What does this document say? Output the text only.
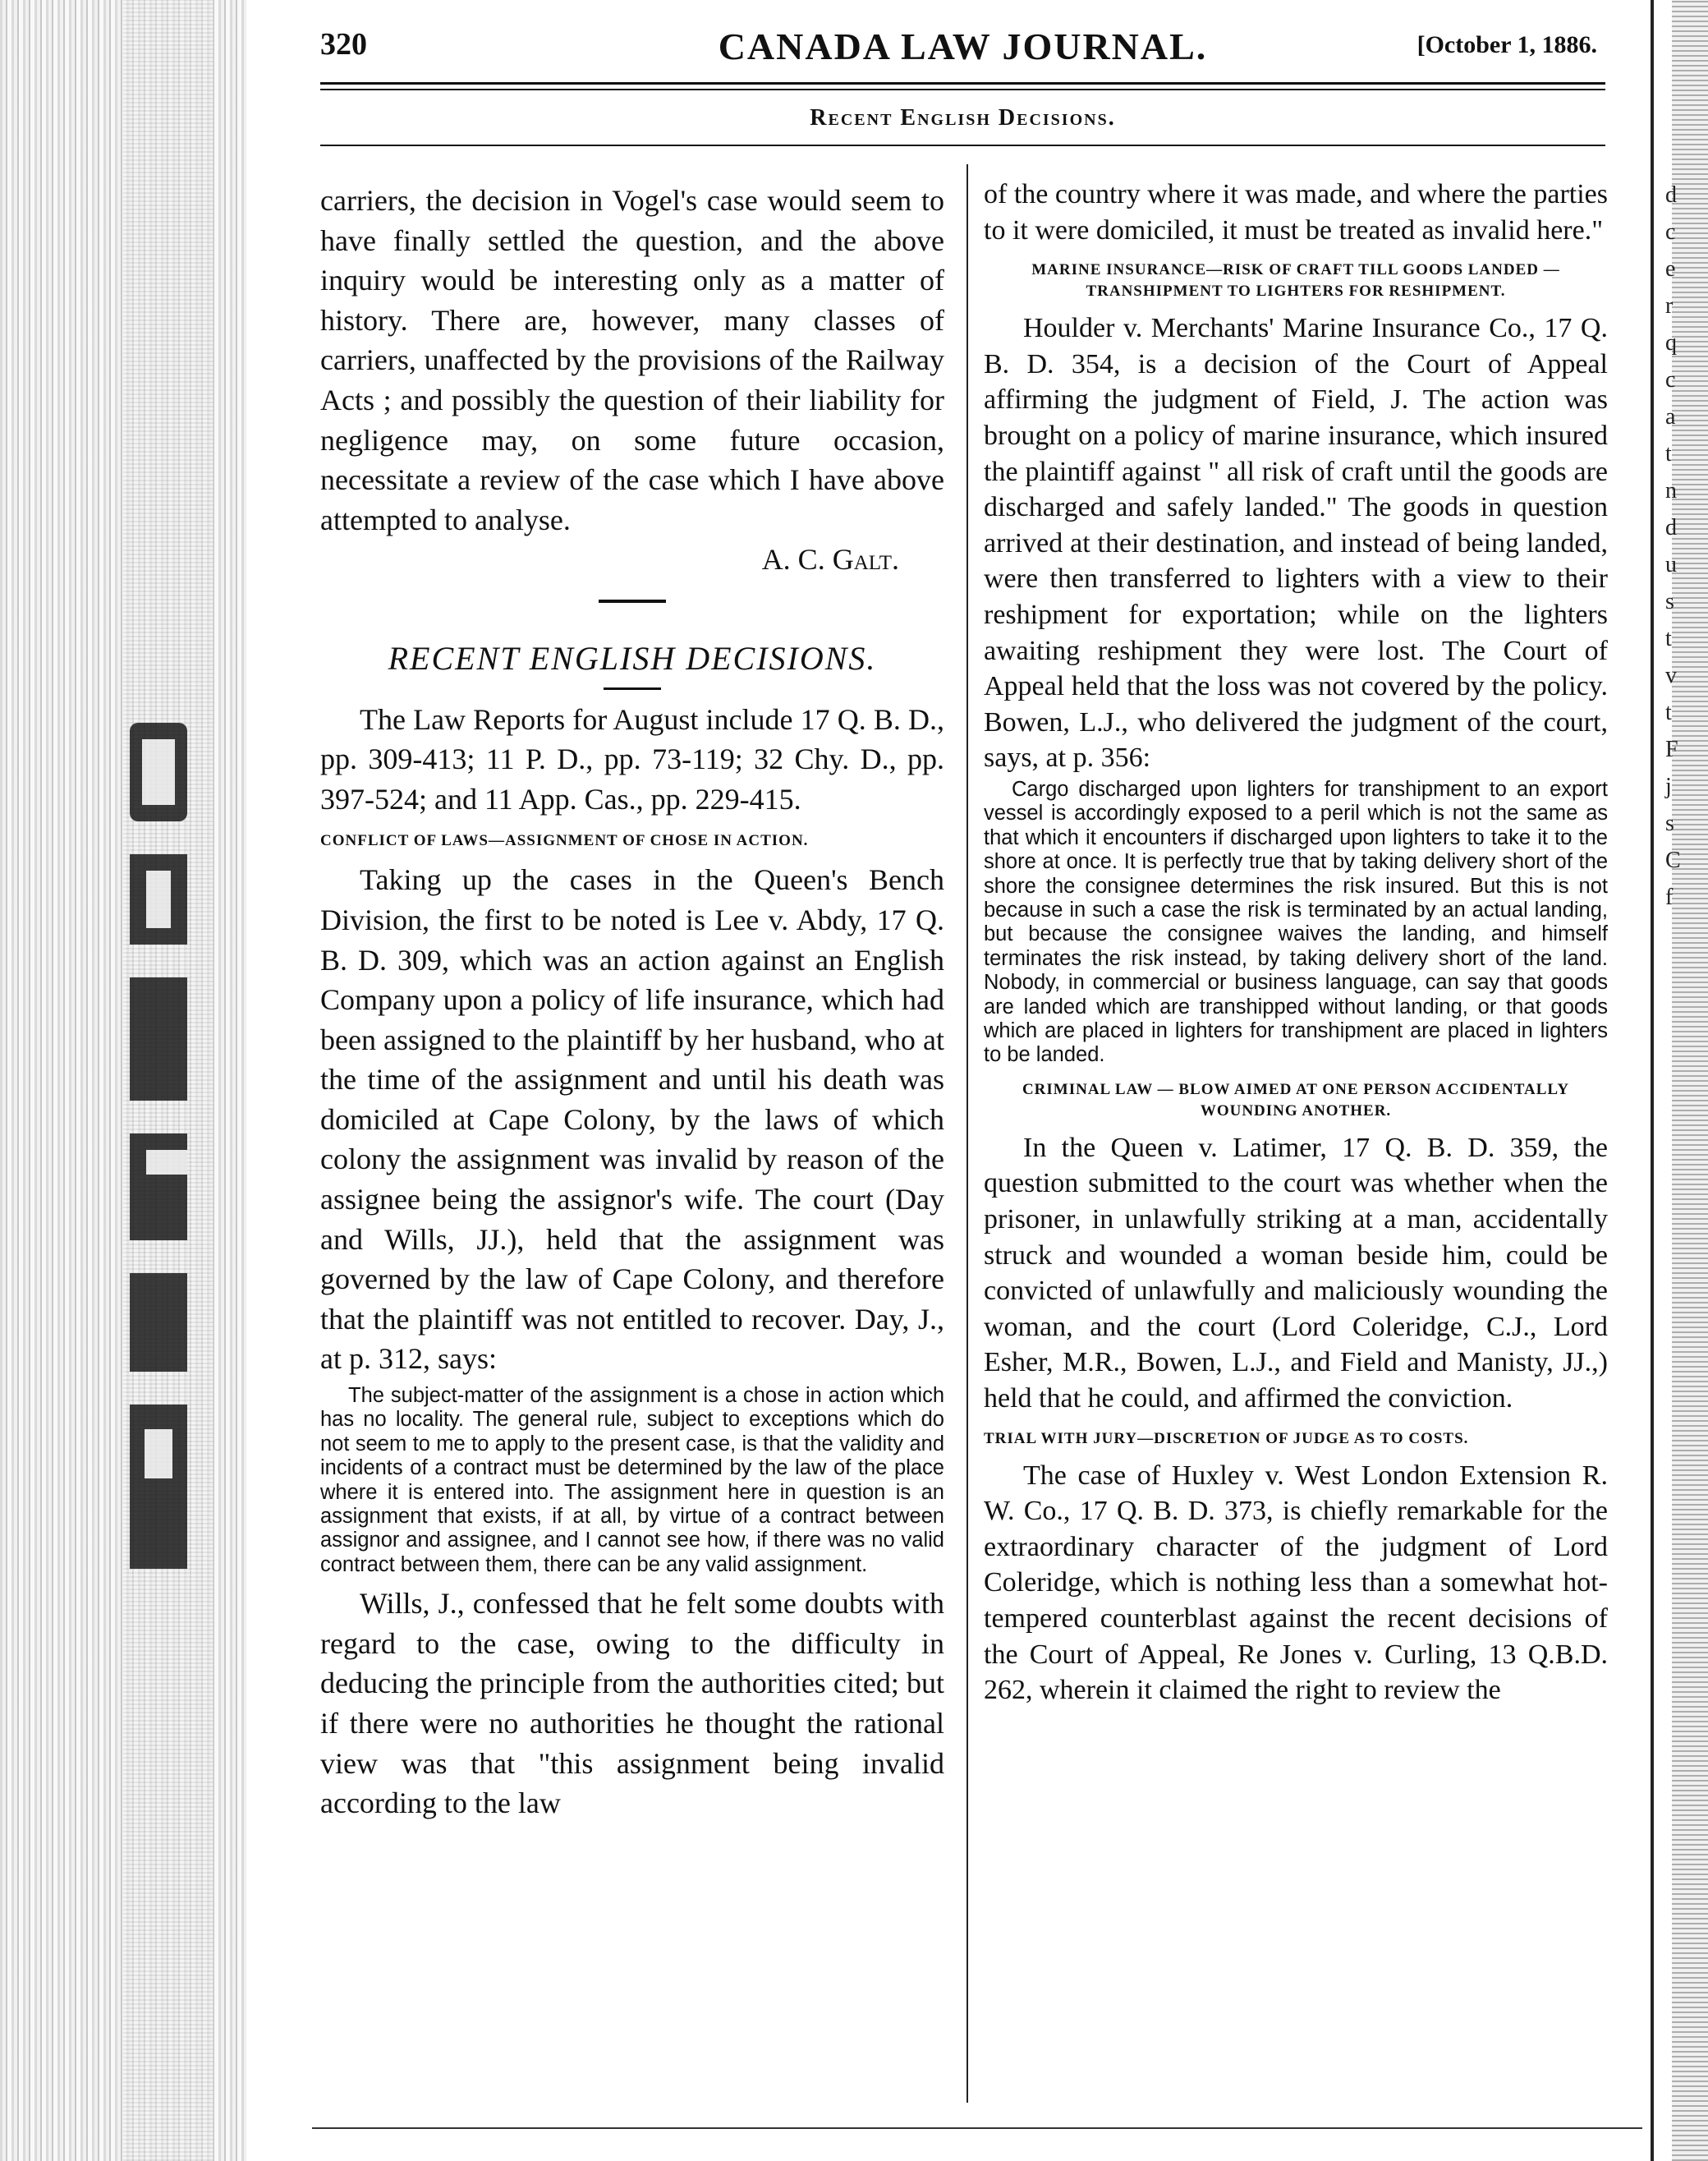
d
c
e
r
q
c
a
t
n
d
u
s
t
v
t
F
j
s
C
f
CANADA LAW JOURNAL.
320	[October 1, 1886.
Recent English Decisions.

carriers, the decision in Vogel's case would seem to have finally settled the question, and the above inquiry would be interesting only as a matter of history. There are, however, many classes of carriers, unaffected by the provisions of the Railway Acts ; and possibly the question of their liability for negligence may, on some future occasion, necessitate a review of the case which I have above attempted to analyse.

A. C. Galt.

RECENT ENGLISH DECISIONS.

The Law Reports for August include 17 Q. B. D., pp. 309-413; 11 P. D., pp. 73-119; 32 Chy. D., pp. 397-524; and 11 App. Cas., pp. 229-415.

CONFLICT OF LAWS—ASSIGNMENT OF CHOSE IN ACTION.

Taking up the cases in the Queen's Bench Division, the first to be noted is Lee v. Abdy, 17 Q. B. D. 309, which was an action against an English Company upon a policy of life insurance, which had been assigned to the plaintiff by her husband, who at the time of the assignment and until his death was domiciled at Cape Colony, by the laws of which colony the assignment was invalid by reason of the assignee being the assignor's wife. The court (Day and Wills, JJ.), held that the assignment was governed by the law of Cape Colony, and therefore that the plaintiff was not entitled to recover. Day, J., at p. 312, says:

The subject-matter of the assignment is a chose in action which has no locality. The general rule, subject to exceptions which do not seem to me to apply to the present case, is that the validity and incidents of a contract must be determined by the law of the place where it is entered into. The assignment here in question is an assignment that exists, if at all, by virtue of a contract between assignor and assignee, and I cannot see how, if there was no valid contract between them, there can be any valid assignment.

Wills, J., confessed that he felt some doubts with regard to the case, owing to the difficulty in deducing the principle from the authorities cited; but if there were no authorities he thought the rational view was that "this assignment being invalid according to the law

of the country where it was made, and where the parties to it were domiciled, it must be treated as invalid here."

MARINE INSURANCE—RISK OF CRAFT TILL GOODS LANDED —TRANSHIPMENT TO LIGHTERS FOR RESHIPMENT.

Houlder v. Merchants' Marine Insurance Co., 17 Q. B. D. 354, is a decision of the Court of Appeal affirming the judgment of Field, J. The action was brought on a policy of marine insurance, which insured the plaintiff against " all risk of craft until the goods are discharged and safely landed." The goods in question arrived at their destination, and instead of being landed, were then transferred to lighters with a view to their reshipment for exportation; while on the lighters awaiting reshipment they were lost. The Court of Appeal held that the loss was not covered by the policy. Bowen, L.J., who delivered the judgment of the court, says, at p. 356:

Cargo discharged upon lighters for transhipment to an export vessel is accordingly exposed to a peril which is not the same as that which it encounters if discharged upon lighters to take it to the shore at once. It is perfectly true that by taking delivery short of the shore the consignee determines the risk insured. But this is not because in such a case the risk is terminated by an actual landing, but because the consignee waives the landing, and himself terminates the risk instead, by taking delivery short of the land. Nobody, in commercial or business language, can say that goods are landed which are transhipped without landing, or that goods which are placed in lighters for transhipment are placed in lighters to be landed.

CRIMINAL LAW — BLOW AIMED AT ONE PERSON ACCIDENTALLY WOUNDING ANOTHER.

In the Queen v. Latimer, 17 Q. B. D. 359, the question submitted to the court was whether when the prisoner, in unlawfully striking at a man, accidentally struck and wounded a woman beside him, could be convicted of unlawfully and maliciously wounding the woman, and the court (Lord Coleridge, C.J., Lord Esher, M.R., Bowen, L.J., and Field and Manisty, JJ.,) held that he could, and affirmed the conviction.

TRIAL WITH JURY—DISCRETION OF JUDGE AS TO COSTS.

The case of Huxley v. West London Extension R. W. Co., 17 Q. B. D. 373, is chiefly remarkable for the extraordinary character of the judgment of Lord Coleridge, which is nothing less than a somewhat hot-tempered counterblast against the recent decisions of the Court of Appeal, Re Jones v. Curling, 13 Q.B.D. 262, wherein it claimed the right to review the
